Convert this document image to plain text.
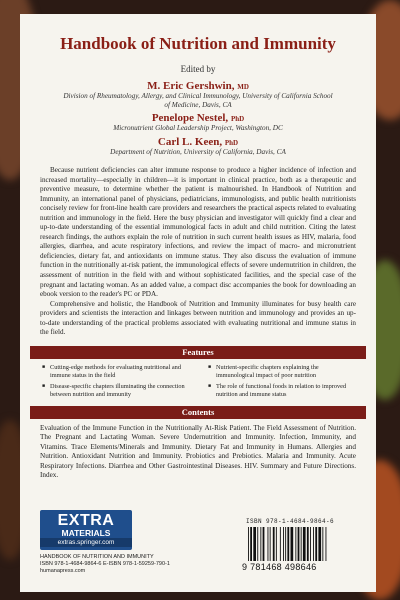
Handbook of Nutrition and Immunity
Edited by
M. Eric Gershwin, MD
Division of Rheumatology, Allergy, and Clinical Immunology, University of California School of Medicine, Davis, CA
Penelope Nestel, PhD
Micronutrient Global Leadership Project, Washington, DC
Carl L. Keen, PhD
Department of Nutrition, University of California, Davis, CA

Because nutrient deficiencies can alter immune response to produce a higher incidence of infection and increased mortality—especially in children—it is important in clinical practice, both as a therapeutic and preventive measure, to determine whether the patient is malnourished. In Handbook of Nutrition and Immunity, an international panel of physicians, pediatricians, immunologists, and public health nutritionists concisely review for front-line health care providers and researchers the practical aspects related to evaluating nutrition and immunology in the field. Here the busy physician and investigator will quickly find a clear and up-to-date understanding of the essential immunological facts in adult and child nutrition. Citing the latest research findings, the authors explain the role of nutrition in such current health issues as HIV, malaria, food allergies, diarrhea, and acute respiratory infections, and review the impact of macro- and micronutrient deficiencies, dietary fat, and antioxidants on immune status. They also discuss the evaluation of immune function in the nutritionally at-risk patient, the immunological effects of severe undernutrition in children, the assessment of nutrition in the field with and without sophisticated facilities, and the special case of the pregnant and lactating woman. As an added value, a compact disc accompanies the book for downloading an ebook version to the reader's PC or PDA.

Comprehensive and holistic, the Handbook of Nutrition and Immunity illuminates for busy health care providers and scientists the interaction and linkages between nutrition and immunology and provides an up-to-date understanding of the practical problems associated with evaluating nutritional and immune status in the field.

Features
■ Cutting-edge methods for evaluating nutritional and immune status in the field
■ Disease-specific chapters illuminating the connection between nutrition and immunity
■ Nutrient-specific chapters explaining the immunological impact of poor nutrition
■ The role of functional foods in relation to improved nutrition and immune status
Contents
Evaluation of the Immune Function in the Nutritionally At-Risk Patient. The Field Assessment of Nutrition. The Pregnant and Lactating Woman. Severe Undernutrition and Immunity. Infection, Immunity, and Vitamins. Trace Elements/Minerals and Immunity. Dietary Fat and Immunity in Humans. Allergies and Nutrition. Antioxidant Nutrition and Immunity. Probiotics and Prebiotics. Malaria and Immunity. Acute Respiratory Infections. Diarrhea and Other Gastrointestinal Diseases. HIV. Summary and Future Directions. Index.
EXTRA
MATERIALS
extras.springer.com
HANDBOOK OF NUTRITION AND IMMUNITY
ISBN 978-1-4684-9864-6 E-ISBN 978-1-59259-790-1
humanapress.com
ISBN 978-1-4684-9864-6
9 781468 498646
